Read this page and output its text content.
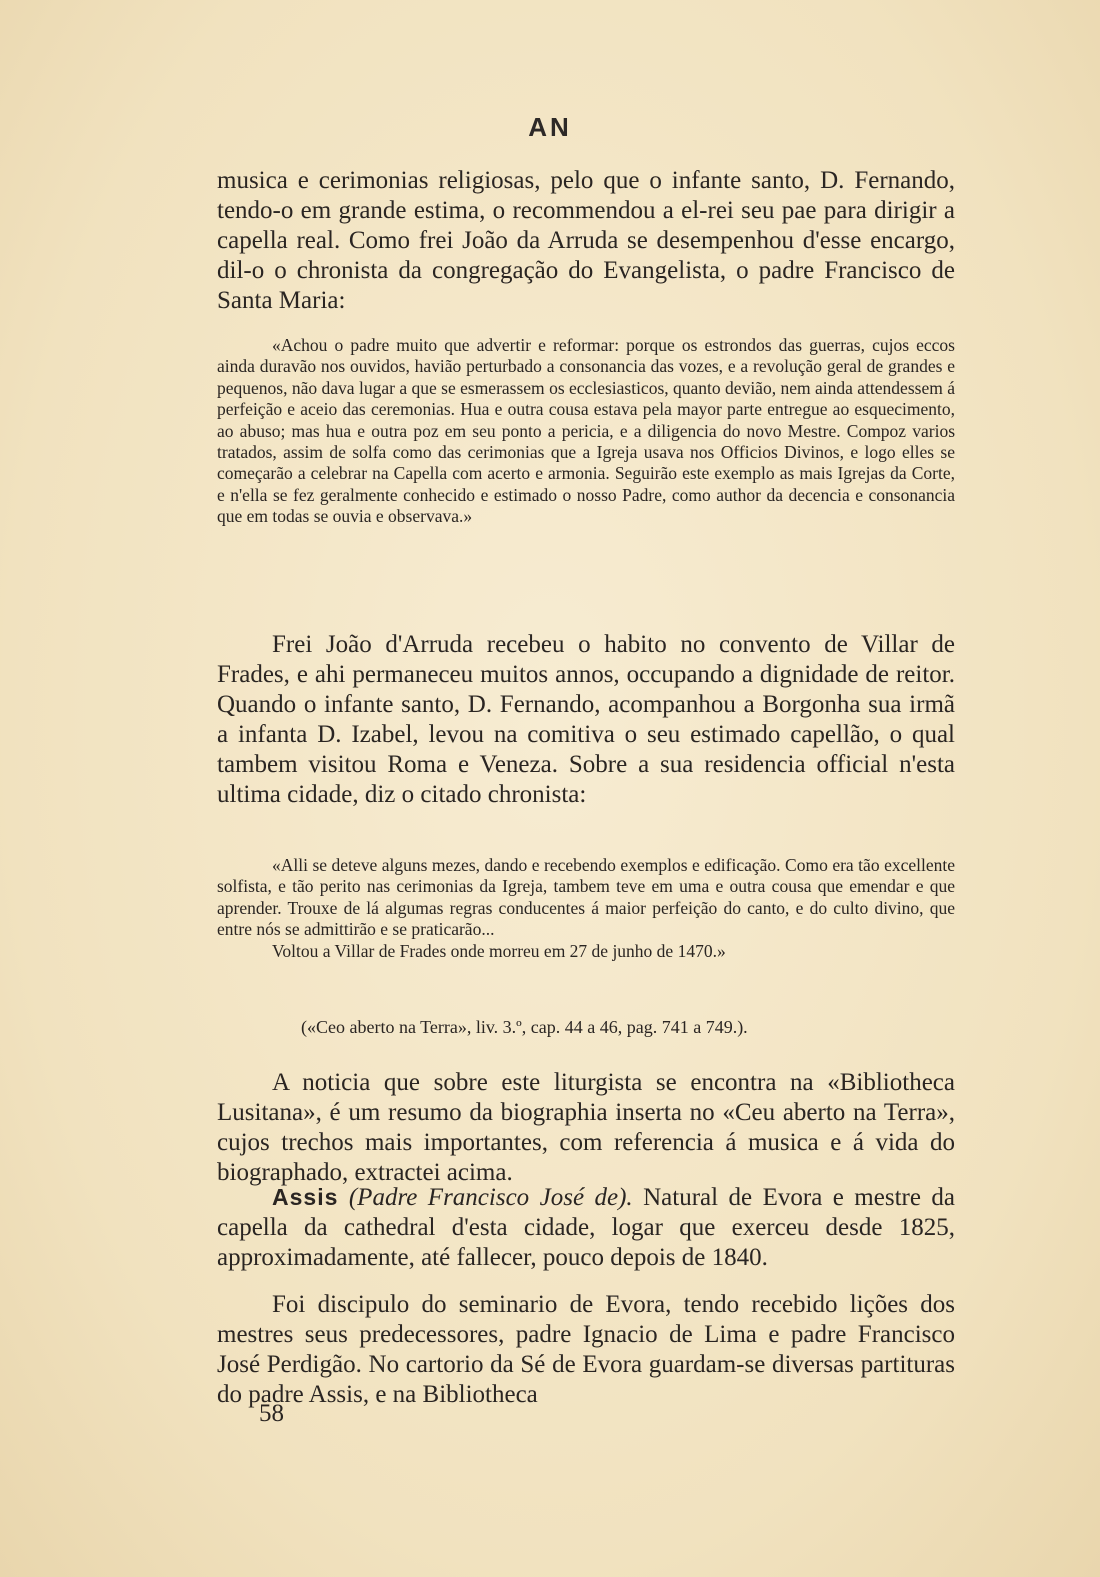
AN

musica e cerimonias religiosas, pelo que o infante santo, D. Fernando, tendo-o em grande estima, o recommendou a el-rei seu pae para dirigir a capella real. Como frei João da Arruda se desempenhou d'esse encargo, dil-o o chronista da congregação do Evangelista, o padre Francisco de Santa Maria:

«Achou o padre muito que advertir e reformar: porque os estrondos das guerras, cujos eccos ainda duravão nos ouvidos, havião perturbado a consonancia das vozes, e a revolução geral de grandes e pequenos, não dava lugar a que se esmerassem os ecclesiasticos, quanto devião, nem ainda attendessem á perfeição e aceio das ceremonias. Hua e outra cousa estava pela mayor parte entregue ao esquecimento, ao abuso; mas hua e outra poz em seu ponto a pericia, e a diligencia do novo Mestre. Compoz varios tratados, assim de solfa como das cerimonias que a Igreja usava nos Officios Divinos, e logo elles se começarão a celebrar na Capella com acerto e armonia. Seguirão este exemplo as mais Igrejas da Corte, e n'ella se fez geralmente conhecido e estimado o nosso Padre, como author da decencia e consonancia que em todas se ouvia e observava.»

Frei João d'Arruda recebeu o habito no convento de Villar de Frades, e ahi permaneceu muitos annos, occupando a dignidade de reitor. Quando o infante santo, D. Fernando, acompanhou a Borgonha sua irmã a infanta D. Izabel, levou na comitiva o seu estimado capellão, o qual tambem visitou Roma e Veneza. Sobre a sua residencia official n'esta ultima cidade, diz o citado chronista:

«Alli se deteve alguns mezes, dando e recebendo exemplos e edificação. Como era tão excellente solfista, e tão perito nas cerimonias da Igreja, tambem teve em uma e outra cousa que emendar e que aprender. Trouxe de lá algumas regras conducentes á maior perfeição do canto, e do culto divino, que entre nós se admittirão e se praticarão...

Voltou a Villar de Frades onde morreu em 27 de junho de 1470.»

(«Ceo aberto na Terra», liv. 3.º, cap. 44 a 46, pag. 741 a 749.).

A noticia que sobre este liturgista se encontra na «Bibliotheca Lusitana», é um resumo da biographia inserta no «Ceu aberto na Terra», cujos trechos mais importantes, com referencia á musica e á vida do biographado, extractei acima.

Assis (Padre Francisco José de). Natural de Evora e mestre da capella da cathedral d'esta cidade, logar que exerceu desde 1825, approximadamente, até fallecer, pouco depois de 1840.

Foi discipulo do seminario de Evora, tendo recebido lições dos mestres seus predecessores, padre Ignacio de Lima e padre Francisco José Perdigão. No cartorio da Sé de Evora guardam-se diversas partituras do padre Assis, e na Bibliotheca

58
